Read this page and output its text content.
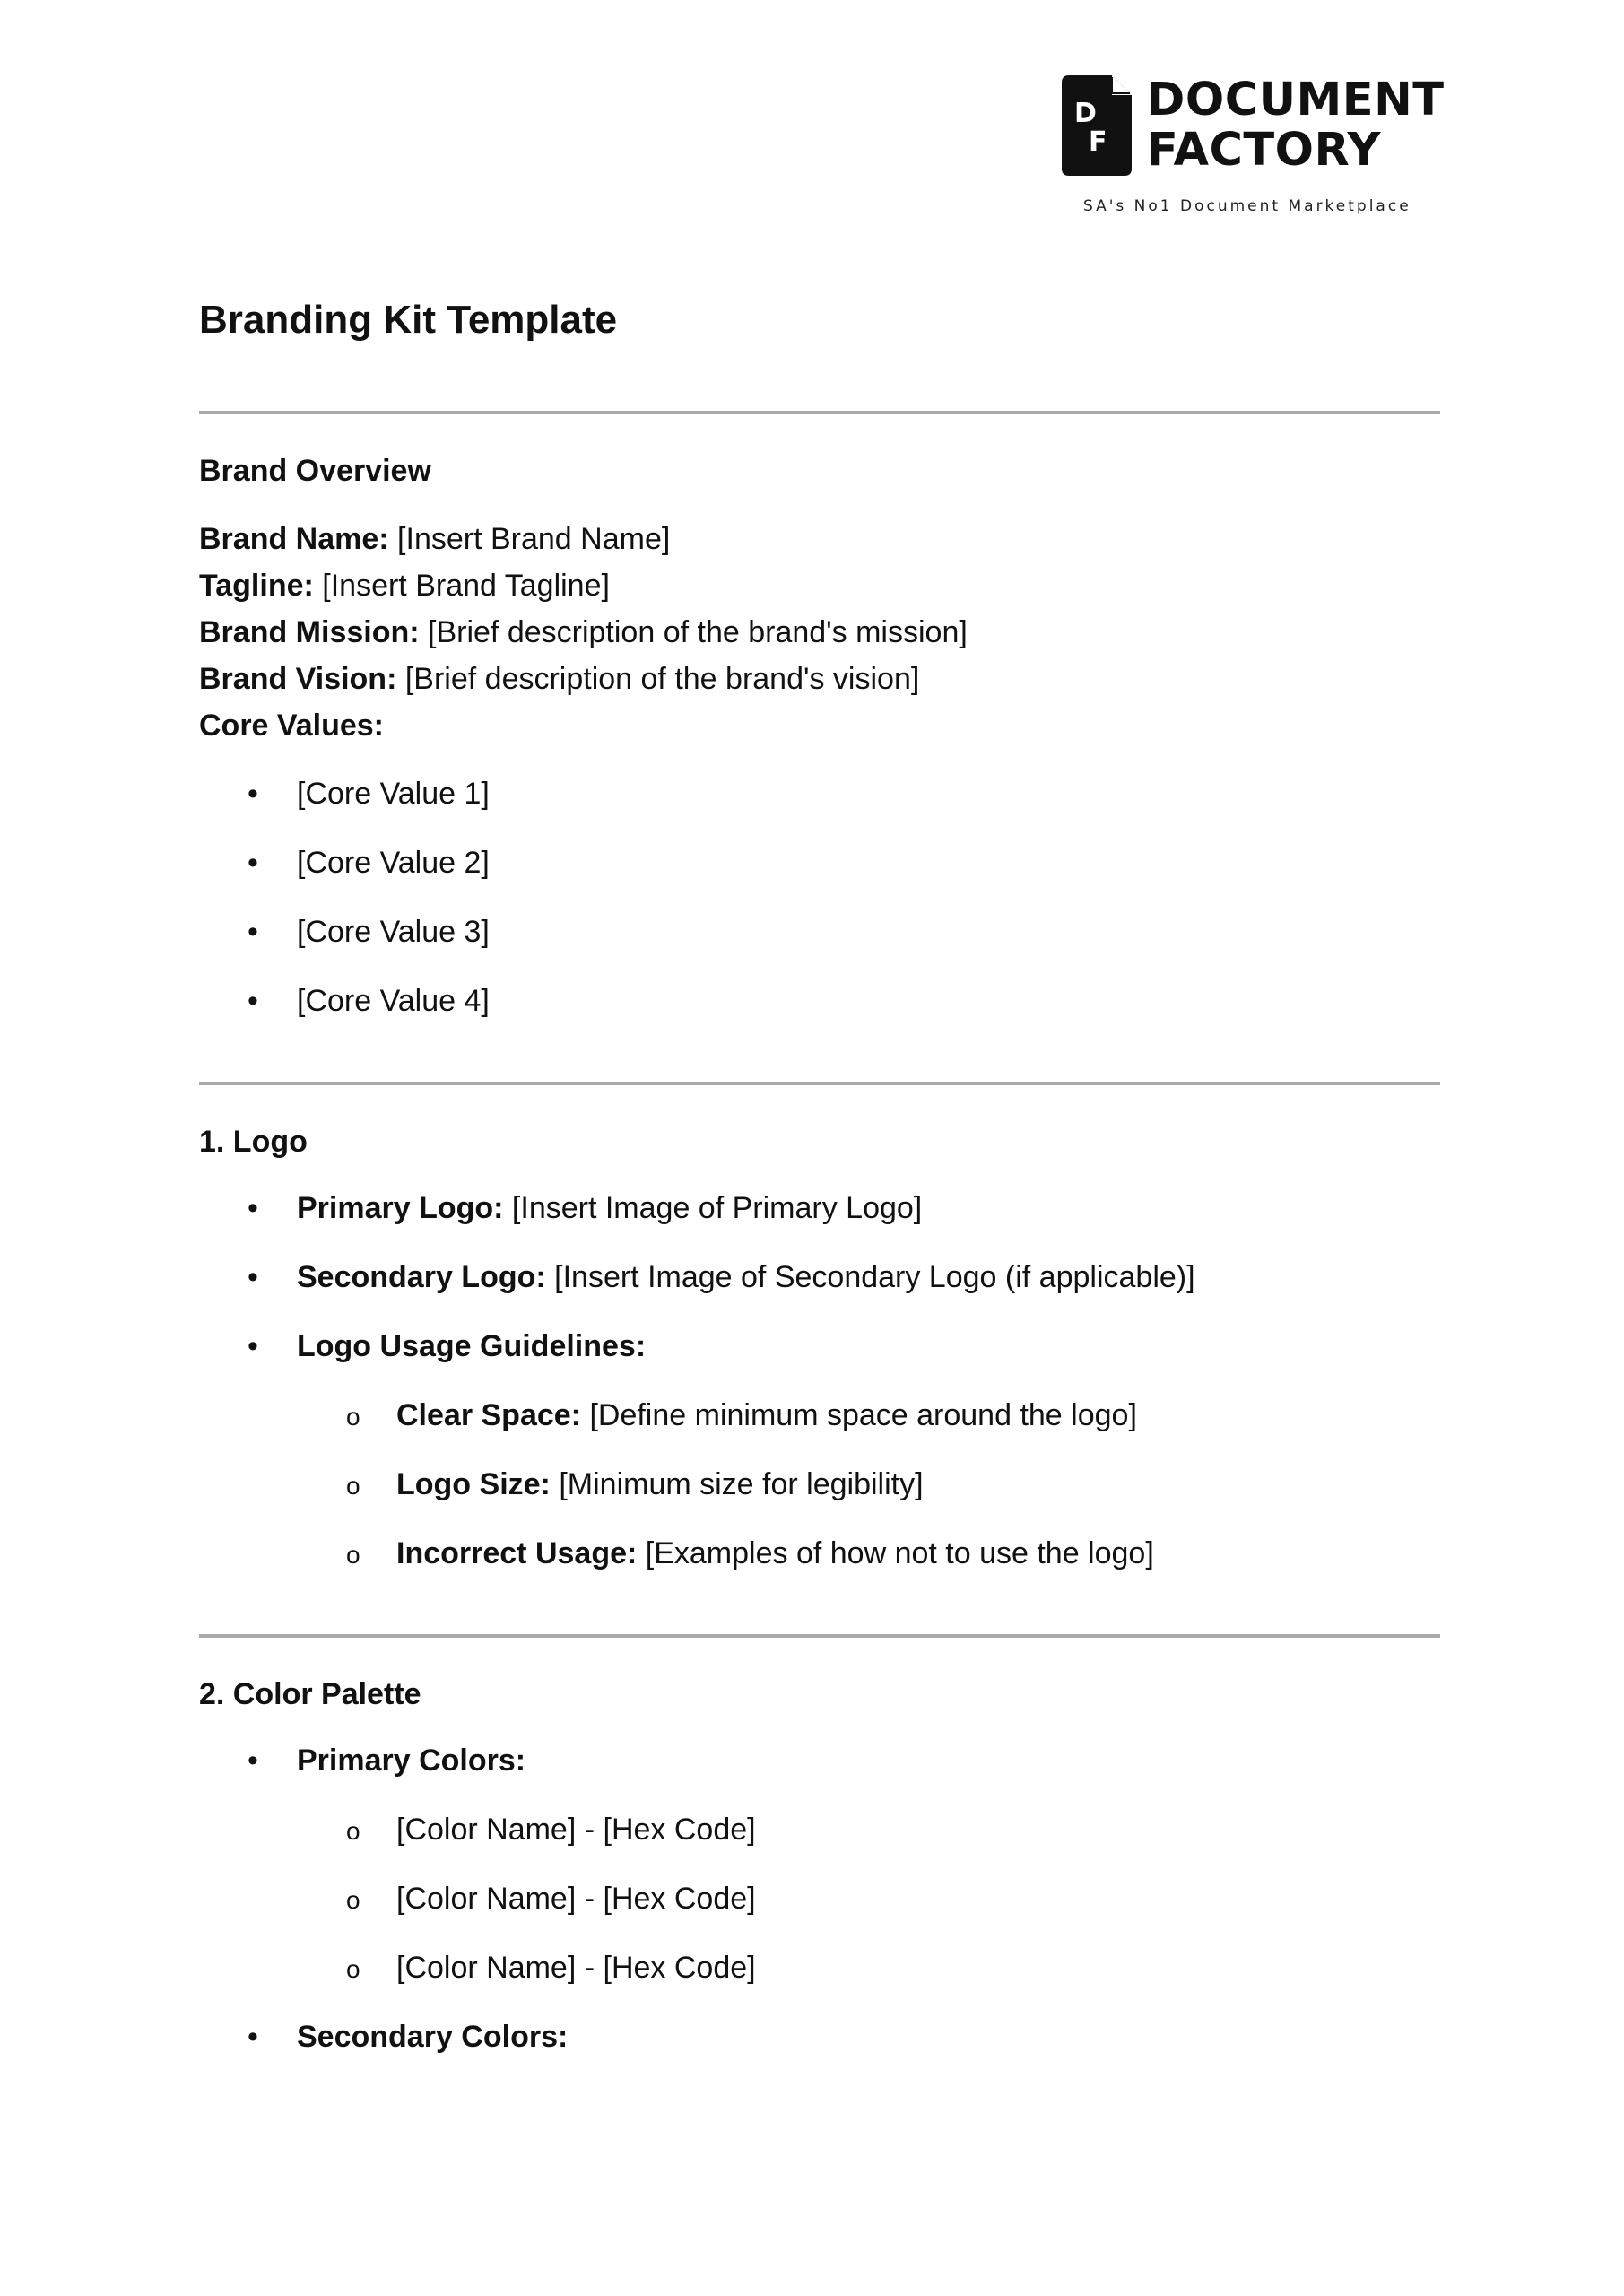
D
F
DOCUMENT
FACTORY
SA's No1 Document Marketplace
Branding Kit Template
Brand Overview
Brand Name: [Insert Brand Name]
Tagline: [Insert Brand Tagline]
Brand Mission: [Brief description of the brand's mission]
Brand Vision: [Brief description of the brand's vision]
Core Values:
• [Core Value 1]
• [Core Value 2]
• [Core Value 3]
• [Core Value 4]
1. Logo
• Primary Logo: [Insert Image of Primary Logo]
• Secondary Logo: [Insert Image of Secondary Logo (if applicable)]
• Logo Usage Guidelines:
o Clear Space: [Define minimum space around the logo]
o Logo Size: [Minimum size for legibility]
o Incorrect Usage: [Examples of how not to use the logo]
2. Color Palette
• Primary Colors:
o [Color Name] - [Hex Code]
o [Color Name] - [Hex Code]
o [Color Name] - [Hex Code]
• Secondary Colors:
